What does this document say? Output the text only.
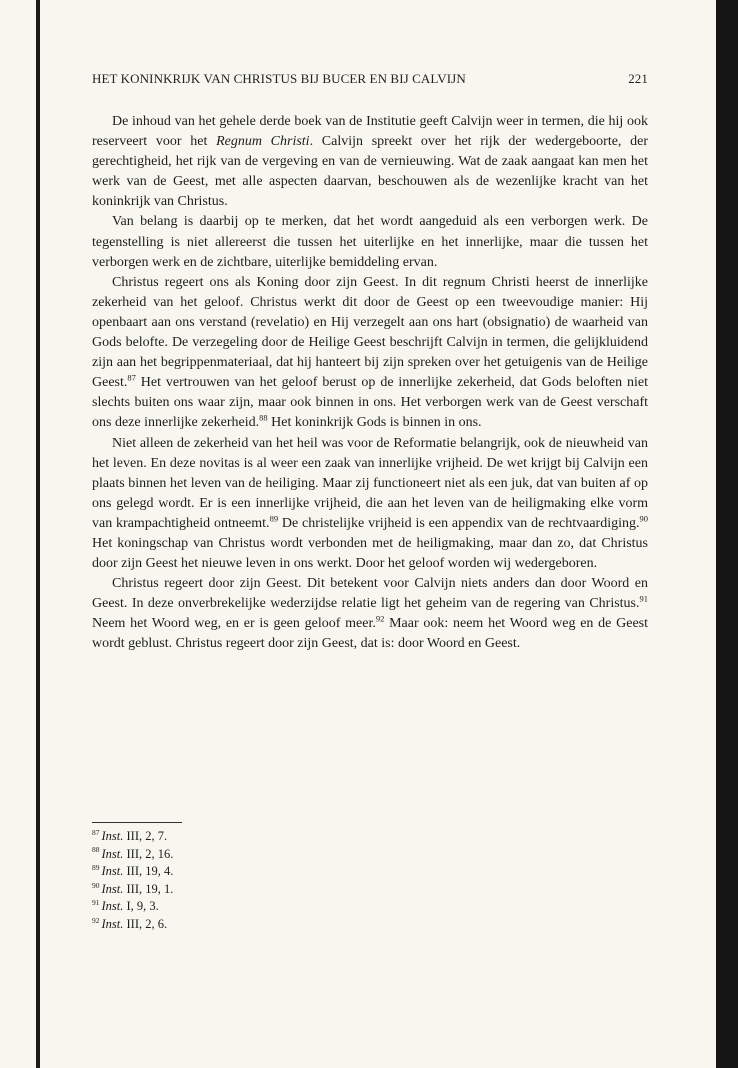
HET KONINKRIJK VAN CHRISTUS BIJ BUCER EN BIJ CALVIJN	221

De inhoud van het gehele derde boek van de Institutie geeft Calvijn weer in termen, die hij ook reserveert voor het Regnum Christi. Calvijn spreekt over het rijk der wedergeboorte, der gerechtigheid, het rijk van de vergeving en van de vernieuwing. Wat de zaak aangaat kan men het werk van de Geest, met alle aspecten daarvan, beschouwen als de wezenlijke kracht van het koninkrijk van Christus.

Van belang is daarbij op te merken, dat het wordt aangeduid als een verborgen werk. De tegenstelling is niet allereerst die tussen het uiterlijke en het innerlijke, maar die tussen het verborgen werk en de zichtbare, uiterlijke bemiddeling ervan.

Christus regeert ons als Koning door zijn Geest. In dit regnum Christi heerst de innerlijke zekerheid van het geloof. Christus werkt dit door de Geest op een tweevoudige manier: Hij openbaart aan ons verstand (revelatio) en Hij verzegelt aan ons hart (obsignatio) de waarheid van Gods belofte. De verzegeling door de Heilige Geest beschrijft Calvijn in termen, die gelijkluidend zijn aan het begrippenmateriaal, dat hij hanteert bij zijn spreken over het getuigenis van de Heilige Geest.$^{87}$ Het vertrouwen van het geloof berust op de innerlijke zekerheid, dat Gods beloften niet slechts buiten ons waar zijn, maar ook binnen in ons. Het verborgen werk van de Geest verschaft ons deze innerlijke zekerheid.$^{88}$ Het koninkrijk Gods is binnen in ons.

Niet alleen de zekerheid van het heil was voor de Reformatie belangrijk, ook de nieuwheid van het leven. En deze novitas is al weer een zaak van innerlijke vrijheid. De wet krijgt bij Calvijn een plaats binnen het leven van de heiliging. Maar zij functioneert niet als een juk, dat van buiten af op ons gelegd wordt. Er is een innerlijke vrijheid, die aan het leven van de heiligmaking elke vorm van krampachtigheid ontneemt.$^{89}$ De christelijke vrijheid is een appendix van de rechtvaardiging.$^{90}$ Het koningschap van Christus wordt verbonden met de heiligmaking, maar dan zo, dat Christus door zijn Geest het nieuwe leven in ons werkt. Door het geloof worden wij wedergeboren.

Christus regeert door zijn Geest. Dit betekent voor Calvijn niets anders dan door Woord en Geest. In deze onverbrekelijke wederzijdse relatie ligt het geheim van de regering van Christus.$^{91}$ Neem het Woord weg, en er is geen geloof meer.$^{92}$ Maar ook: neem het Woord weg en de Geest wordt geblust. Christus regeert door zijn Geest, dat is: door Woord en Geest.

$^{87}$ Inst. III, 2, 7.
$^{88}$ Inst. III, 2, 16.
$^{89}$ Inst. III, 19, 4.
$^{90}$ Inst. III, 19, 1.
$^{91}$ Inst. I, 9, 3.
$^{92}$ Inst. III, 2, 6.
